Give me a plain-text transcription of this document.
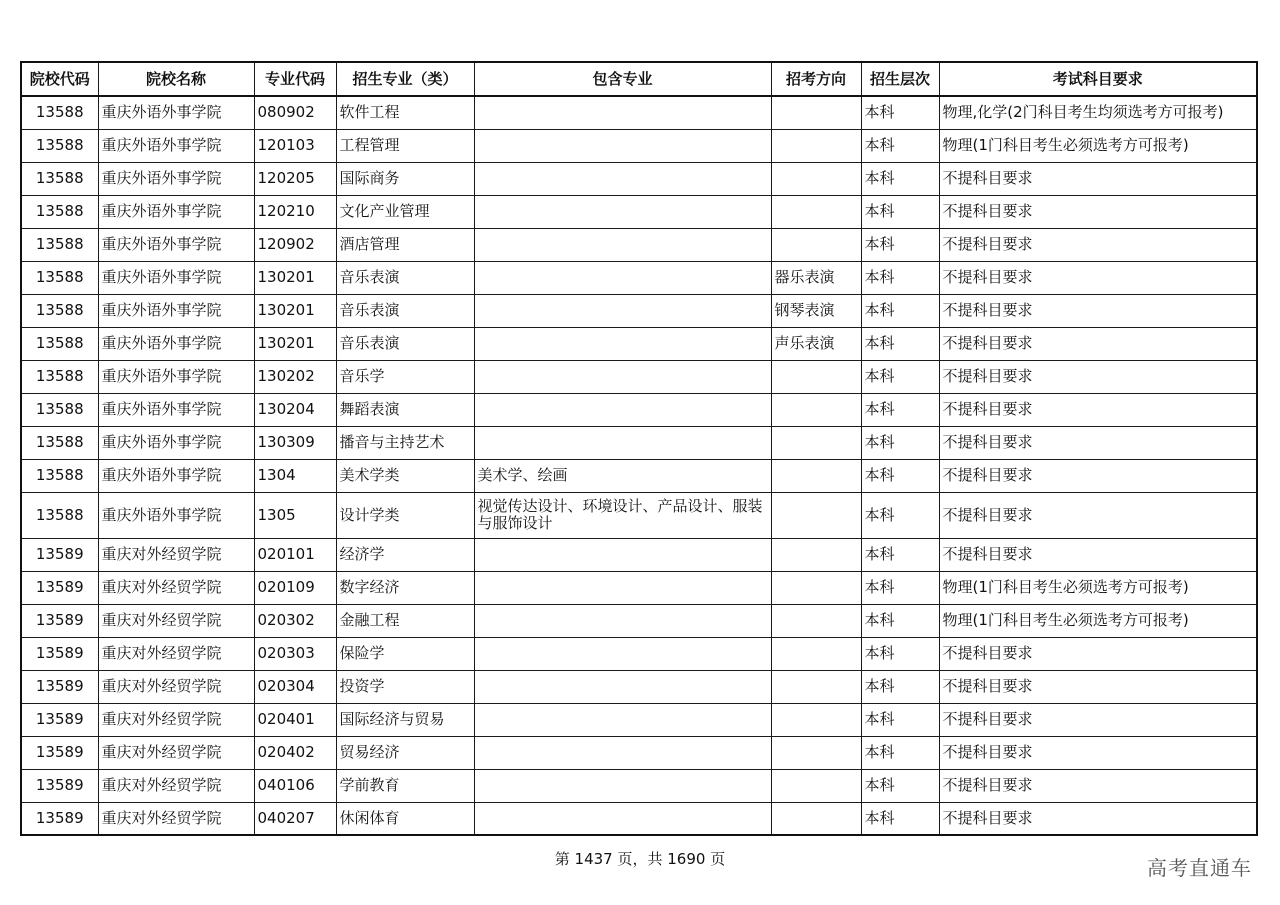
院校代码	院校名称	专业代码	招生专业（类）	包含专业	招考方向	招生层次	考试科目要求
13588	重庆外语外事学院	080902	软件工程			本科	物理,化学(2门科目考生均须选考方可报考)
13588	重庆外语外事学院	120103	工程管理			本科	物理(1门科目考生必须选考方可报考)
13588	重庆外语外事学院	120205	国际商务			本科	不提科目要求
13588	重庆外语外事学院	120210	文化产业管理			本科	不提科目要求
13588	重庆外语外事学院	120902	酒店管理			本科	不提科目要求
13588	重庆外语外事学院	130201	音乐表演		器乐表演	本科	不提科目要求
13588	重庆外语外事学院	130201	音乐表演		钢琴表演	本科	不提科目要求
13588	重庆外语外事学院	130201	音乐表演		声乐表演	本科	不提科目要求
13588	重庆外语外事学院	130202	音乐学			本科	不提科目要求
13588	重庆外语外事学院	130204	舞蹈表演			本科	不提科目要求
13588	重庆外语外事学院	130309	播音与主持艺术			本科	不提科目要求
13588	重庆外语外事学院	1304	美术学类	美术学、绘画		本科	不提科目要求
13588	重庆外语外事学院	1305	设计学类	视觉传达设计、环境设计、产品设计、服装与服饰设计		本科	不提科目要求
13589	重庆对外经贸学院	020101	经济学			本科	不提科目要求
13589	重庆对外经贸学院	020109	数字经济			本科	物理(1门科目考生必须选考方可报考)
13589	重庆对外经贸学院	020302	金融工程			本科	物理(1门科目考生必须选考方可报考)
13589	重庆对外经贸学院	020303	保险学			本科	不提科目要求
13589	重庆对外经贸学院	020304	投资学			本科	不提科目要求
13589	重庆对外经贸学院	020401	国际经济与贸易			本科	不提科目要求
13589	重庆对外经贸学院	020402	贸易经济			本科	不提科目要求
13589	重庆对外经贸学院	040106	学前教育			本科	不提科目要求
13589	重庆对外经贸学院	040207	休闲体育			本科	不提科目要求
第 1437 页，共 1690 页	高考直通车
